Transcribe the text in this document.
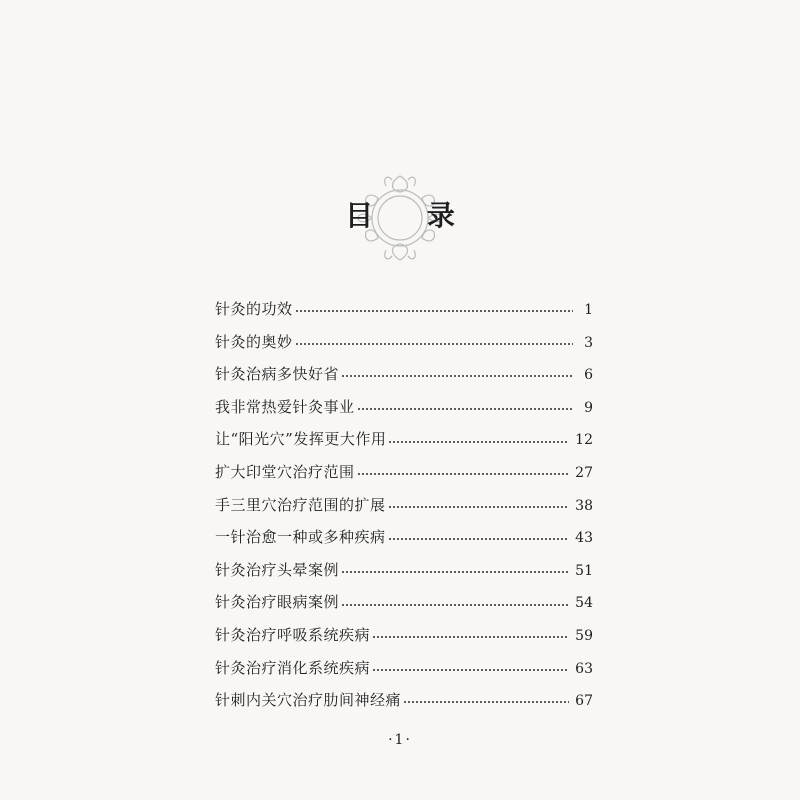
目 录
针灸的功效	1
针灸的奥妙	3
针灸治病多快好省	6
我非常热爱针灸事业	9
让“阳光穴”发挥更大作用	12
扩大印堂穴治疗范围	27
手三里穴治疗范围的扩展	38
一针治愈一种或多种疾病	43
针灸治疗头晕案例	51
针灸治疗眼病案例	54
针灸治疗呼吸系统疾病	59
针灸治疗消化系统疾病	63
针刺内关穴治疗肋间神经痛	67
·1·
